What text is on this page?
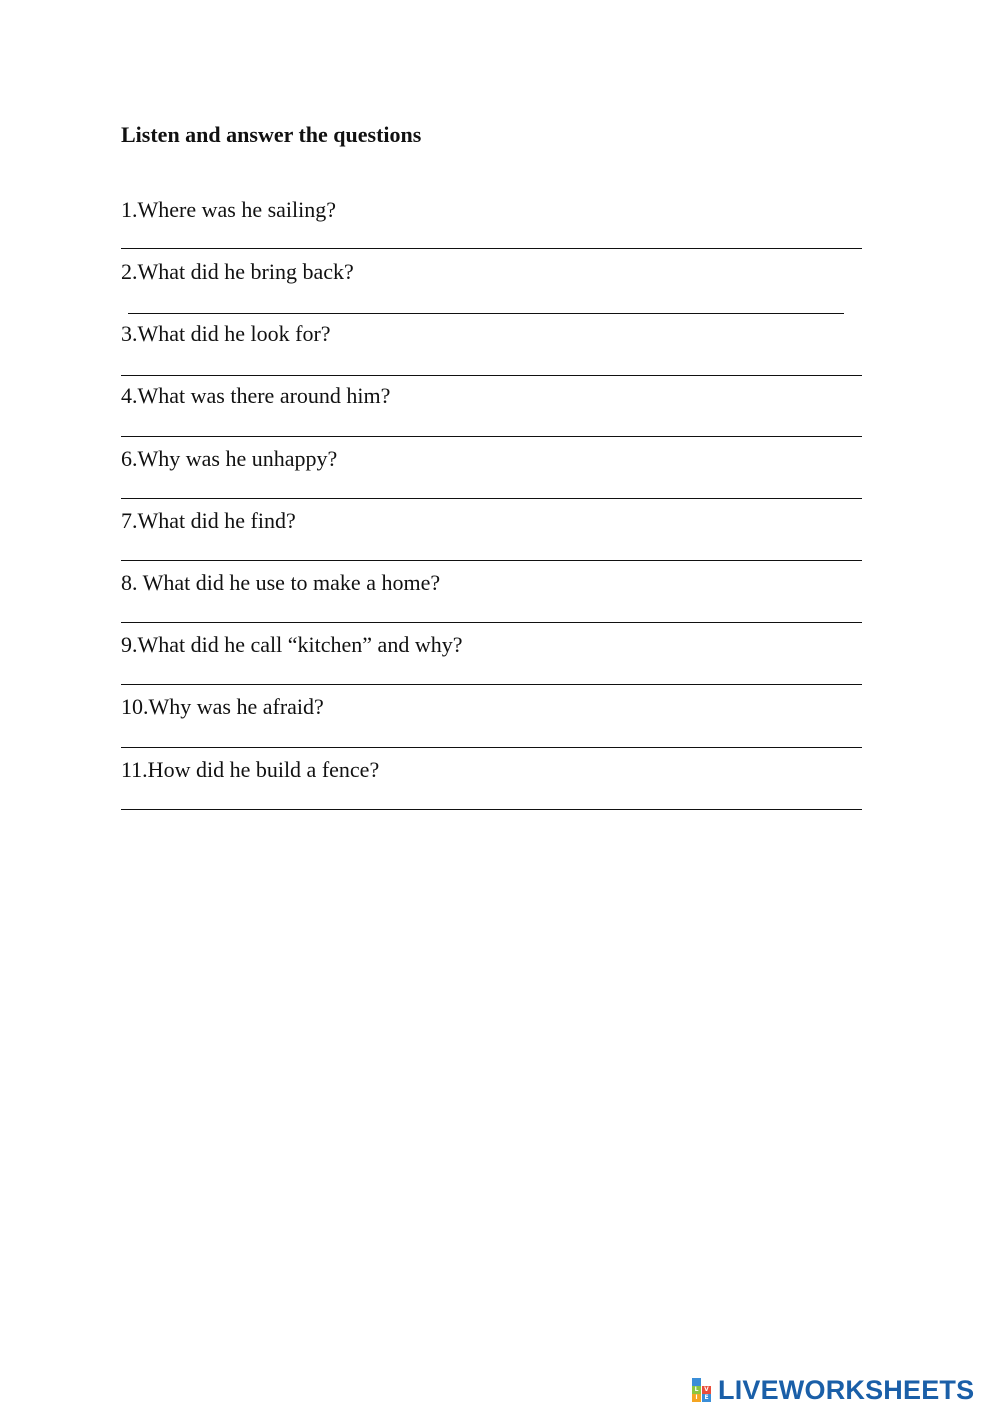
Listen and answer the questions
1.Where was he sailing?
2.What did he bring back?
3.What did he look for?
4.What was there around him?
6.Why was he unhappy?
7.What did he find?
8. What did he use to make a home?
9.What did he call “kitchen” and why?
10.Why was he afraid?
11.How did he build a fence?
L
I
V
E LIVEWORKSHEETS
